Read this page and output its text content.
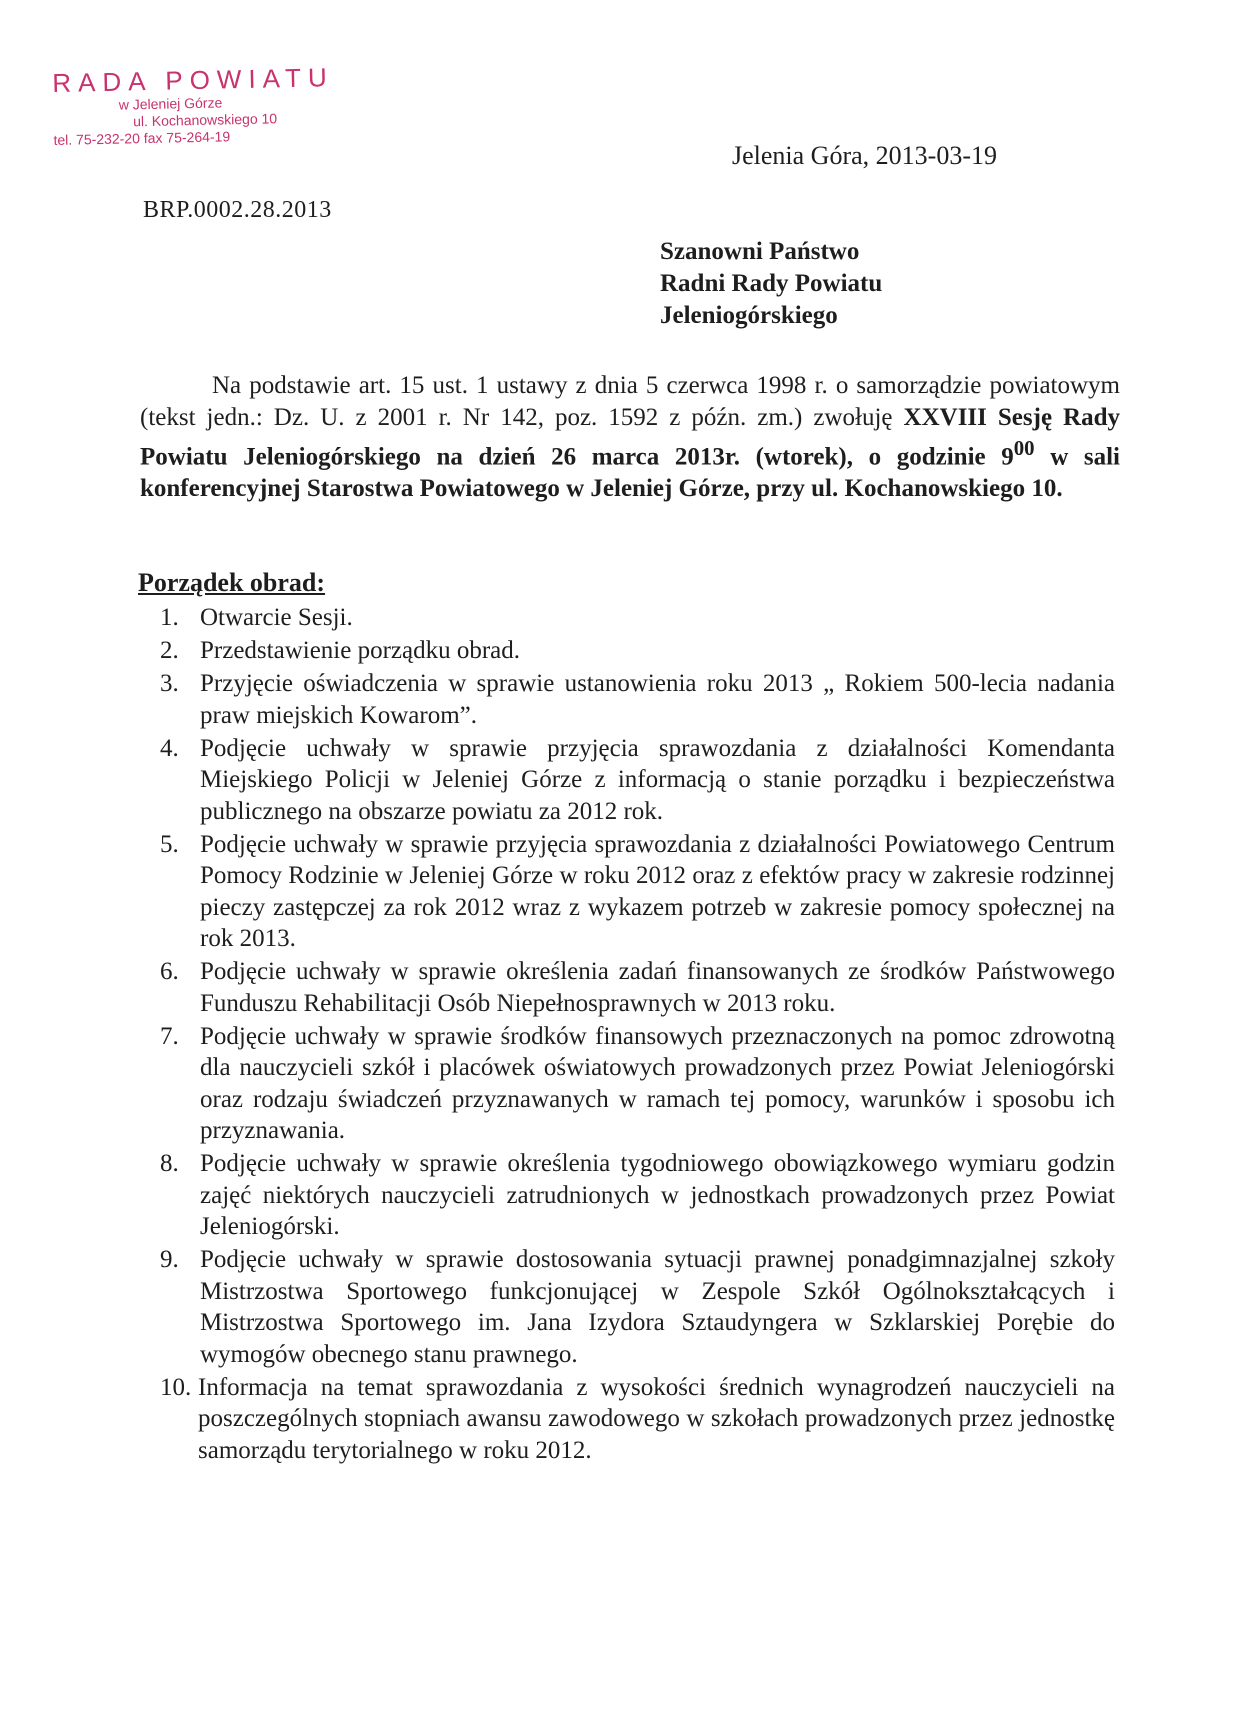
RADA POWIATU
w Jeleniej Górze
ul. Kochanowskiego 10
tel. 75-232-20 fax 75-264-19
Jelenia Góra, 2013-03-19
BRP.0002.28.2013
Szanowni Państwo
Radni Rady Powiatu
Jeleniogórskiego
Na podstawie art. 15 ust. 1 ustawy z dnia 5 czerwca 1998 r. o samorządzie powiatowym (tekst jedn.: Dz. U. z 2001 r. Nr 142, poz. 1592 z późn. zm.) zwołuję XXVIII Sesję Rady Powiatu Jeleniogórskiego na dzień 26 marca 2013r. (wtorek), o godzinie $9^{00}$ w sali konferencyjnej Starostwa Powiatowego w Jeleniej Górze, przy ul. Kochanowskiego 10.
Porządek obrad:
1. Otwarcie Sesji.
2. Przedstawienie porządku obrad.
3. Przyjęcie oświadczenia w sprawie ustanowienia roku 2013 „ Rokiem 500-lecia nadania praw miejskich Kowarom”.
4. Podjęcie uchwały w sprawie przyjęcia sprawozdania z działalności Komendanta Miejskiego Policji w Jeleniej Górze z informacją o stanie porządku i bezpieczeństwa publicznego na obszarze powiatu za 2012 rok.
5. Podjęcie uchwały w sprawie przyjęcia sprawozdania z działalności Powiatowego Centrum Pomocy Rodzinie w Jeleniej Górze w roku 2012 oraz z efektów pracy w zakresie rodzinnej pieczy zastępczej za rok 2012 wraz z wykazem potrzeb w zakresie pomocy społecznej na rok 2013.
6. Podjęcie uchwały w sprawie określenia zadań finansowanych ze środków Państwowego Funduszu Rehabilitacji Osób Niepełnosprawnych w 2013 roku.
7. Podjęcie uchwały w sprawie środków finansowych przeznaczonych na pomoc zdrowotną dla nauczycieli szkół i placówek oświatowych prowadzonych przez Powiat Jeleniogórski oraz rodzaju świadczeń przyznawanych w ramach tej pomocy, warunków i sposobu ich przyznawania.
8. Podjęcie uchwały w sprawie określenia tygodniowego obowiązkowego wymiaru godzin zajęć niektórych nauczycieli zatrudnionych w jednostkach prowadzonych przez Powiat Jeleniogórski.
9. Podjęcie uchwały w sprawie dostosowania sytuacji prawnej ponadgimnazjalnej szkoły Mistrzostwa Sportowego funkcjonującej w Zespole Szkół Ogólnokształcących i Mistrzostwa Sportowego im. Jana Izydora Sztaudyngera w Szklarskiej Porębie do wymogów obecnego stanu prawnego.
10. Informacja na temat sprawozdania z wysokości średnich wynagrodzeń nauczycieli na poszczególnych stopniach awansu zawodowego w szkołach prowadzonych przez jednostkę samorządu terytorialnego w roku 2012.
